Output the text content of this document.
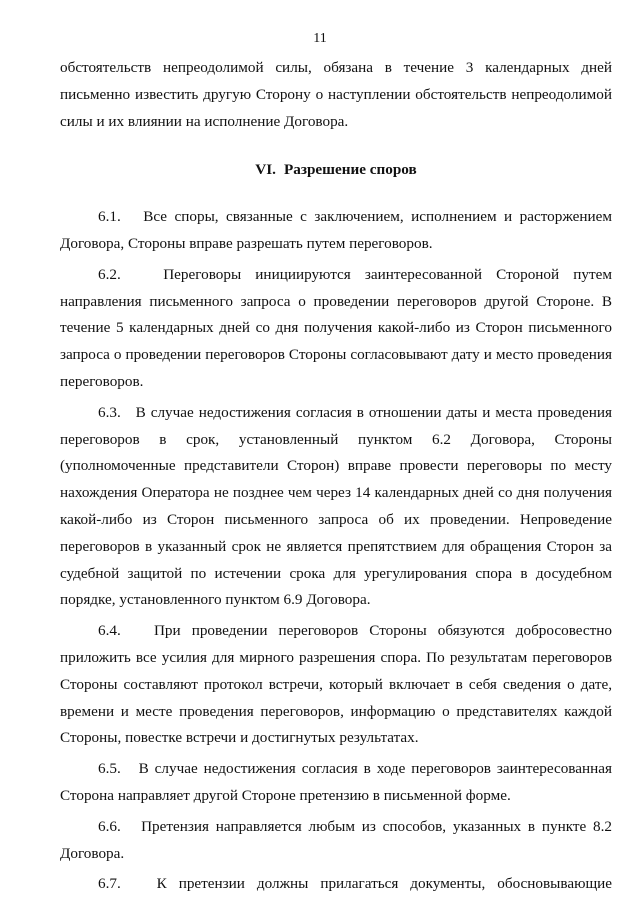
11

обстоятельств непреодолимой силы, обязана в течение 3 календарных дней письменно известить другую Сторону о наступлении обстоятельств непреодолимой силы и их влиянии на исполнение Договора.

VI. Разрешение споров

6.1. Все споры, связанные с заключением, исполнением и расторжением Договора, Стороны вправе разрешать путем переговоров.

6.2.	Переговоры инициируются заинтересованной Стороной путем направления письменного запроса о проведении переговоров другой Стороне. В течение 5 календарных дней со дня получения какой-либо из Сторон письменного запроса о проведении переговоров Стороны согласовывают дату и место проведения переговоров.

6.3. В случае недостижения согласия в отношении даты и места проведения переговоров в срок, установленный пунктом 6.2 Договора, Стороны (уполномоченные представители Сторон) вправе провести переговоры по месту нахождения Оператора не позднее чем через 14 календарных дней со дня получения какой-либо из Сторон письменного запроса об их проведении. Непроведение переговоров в указанный срок не является препятствием для обращения Сторон за судебной защитой по истечении срока для урегулирования спора в досудебном порядке, установленного пунктом 6.9 Договора.

6.4. При проведении переговоров Стороны обязуются добросовестно приложить все усилия для мирного разрешения спора. По результатам переговоров Стороны составляют протокол встречи, который включает в себя сведения о дате, времени и месте проведения переговоров, информацию о представителях каждой Стороны, повестке встречи и достигнутых результатах.

6.5. В случае недостижения согласия в ходе переговоров заинтересованная Сторона направляет другой Стороне претензию в письменной форме.

6.6. Претензия направляется любым из способов, указанных в пункте 8.2 Договора.

6.7. К претензии должны прилагаться документы, обосновывающие
